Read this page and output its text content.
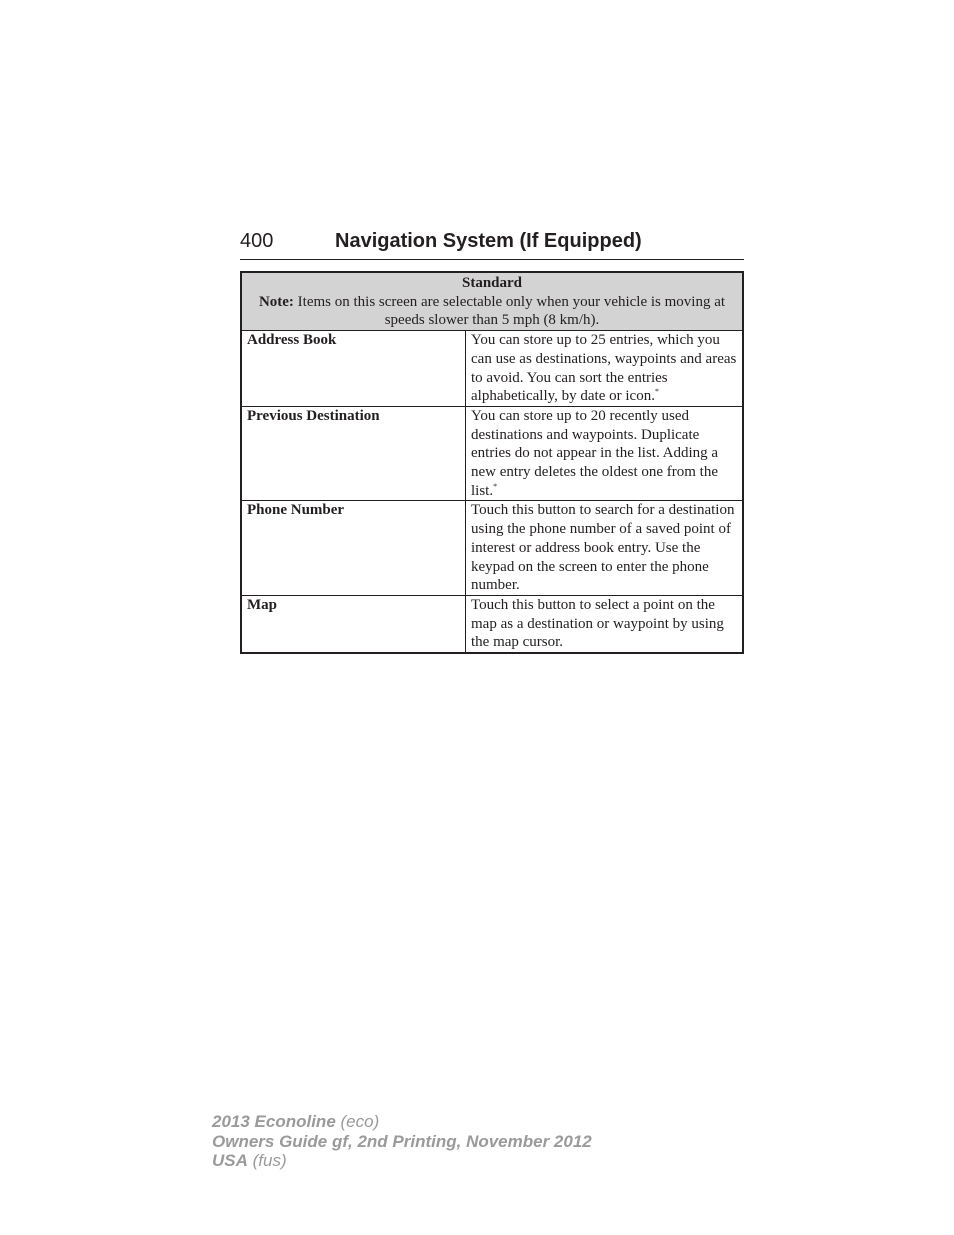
400	Navigation System (If Equipped)
Standard
Note: Items on this screen are selectable only when your vehicle is moving at speeds slower than 5 mph (8 km/h).	
Address Book	You can store up to 25 entries, which you can use as destinations, waypoints and areas to avoid. You can sort the entries alphabetically, by date or icon.*
Previous Destination	You can store up to 20 recently used destinations and waypoints. Duplicate entries do not appear in the list. Adding a new entry deletes the oldest one from the list.*
Phone Number	Touch this button to search for a destination using the phone number of a saved point of interest or address book entry. Use the keypad on the screen to enter the phone number.
Map	Touch this button to select a point on the map as a destination or waypoint by using the map cursor.
2013 Econoline (eco)
Owners Guide gf, 2nd Printing, November 2012
USA (fus)
